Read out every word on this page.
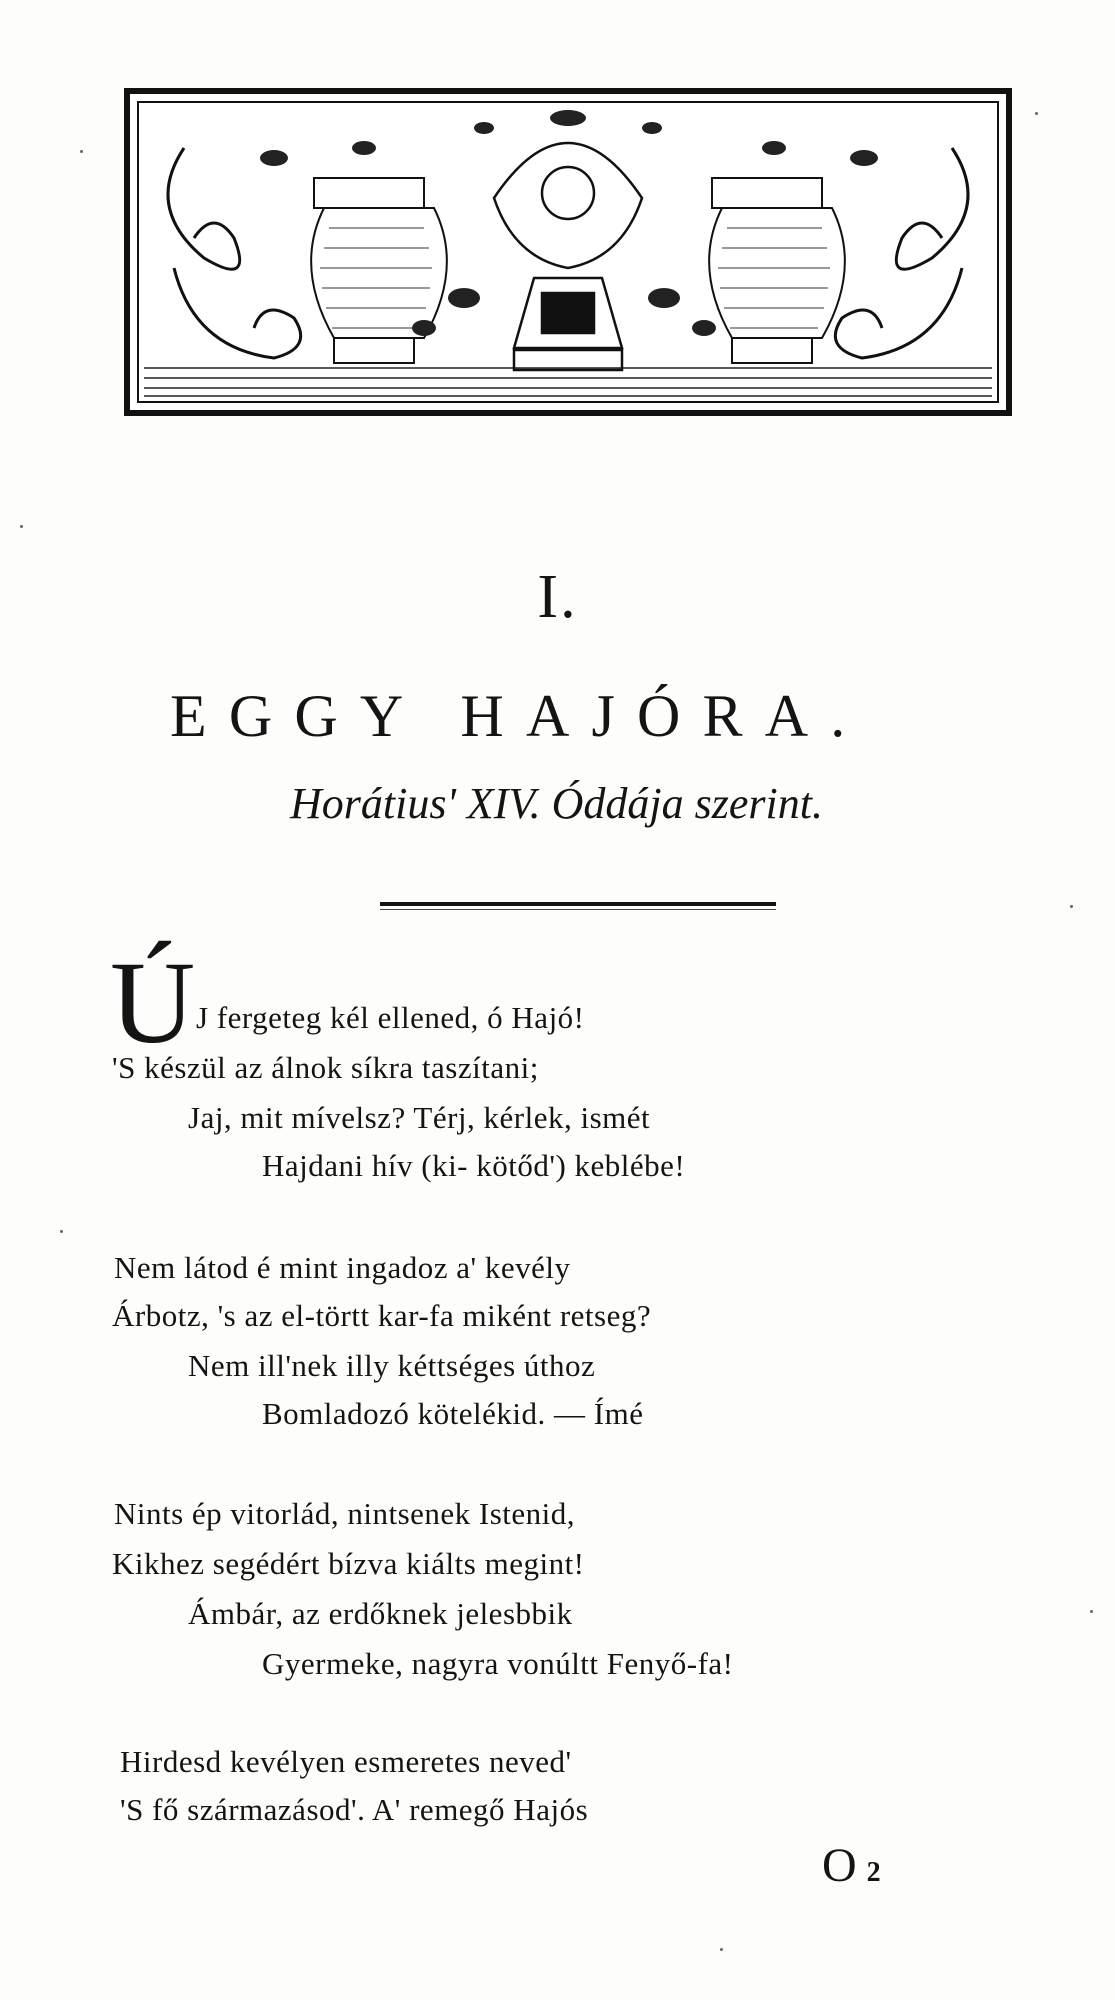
I.
EGGY HAJÓRA.
Horátius' XIV. Óddája szerint.
Ú J fergeteg kél ellened, ó Hajó!
'S készül az álnok síkra taszítani;
Jaj, mit mívelsz? Térj, kérlek, ismét
Hajdani hív (ki- kötőd') keblébe!
Nem látod é mint ingadoz a' kevély
Árbotz, 's az el-törtt kar-fa miként retseg?
Nem ill'nek illy kéttséges úthoz
Bomladozó kötelékid. — Ímé
Nints ép vitorlád, nintsenek Istenid,
Kikhez segédért bízva kiálts megint!
Ámbár, az erdőknek jelesbbik
Gyermeke, nagyra vonúltt Fenyő-fa!
Hirdesd kevélyen esmeretes neved'
'S fő származásod'. A' remegő Hajós
O 2
